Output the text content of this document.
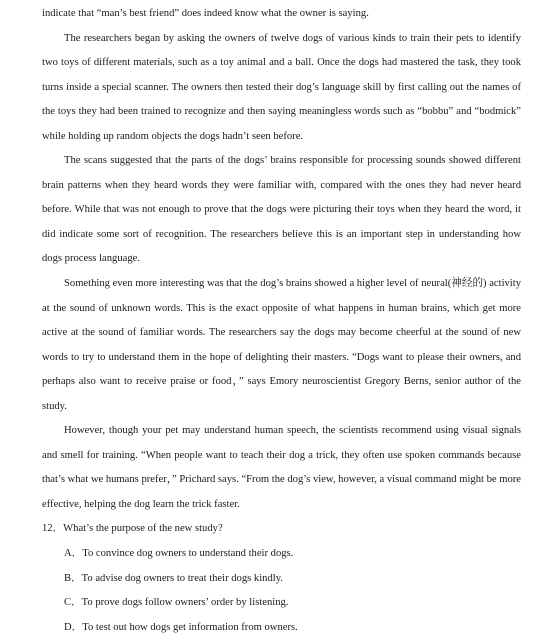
indicate that “man’s best friend” does indeed know what the owner is saying.

The researchers began by asking the owners of twelve dogs of various kinds to train their pets to identify two toys of different materials, such as a toy animal and a ball. Once the dogs had mastered the task, they took turns inside a special scanner. The owners then tested their dog’s language skill by first calling out the names of the toys they had been trained to recognize and then saying meaningless words such as “bobbu” and “bodmick” while holding up random objects the dogs hadn’t seen before.

The scans suggested that the parts of the dogs’ brains responsible for processing sounds showed different brain patterns when they heard words they were familiar with, compared with the ones they had never heard before. While that was not enough to prove that the dogs were picturing their toys when they heard the word, it did indicate some sort of recognition. The researchers believe this is an important step in understanding how dogs process language.

Something even more interesting was that the dog’s brains showed a higher level of neural(神经的) activity at the sound of unknown words. This is the exact opposite of what happens in human brains, which get more active at the sound of familiar words. The researchers say the dogs may become cheerful at the sound of new words to try to understand them in the hope of delighting their masters. “Dogs want to please their owners, and perhaps also want to receive praise or food，” says Emory neuroscientist Gregory Berns, senior author of the study.

However, though your pet may understand human speech, the scientists recommend using visual signals and smell for training. “When people want to teach their dog a trick, they often use spoken commands because that’s what we humans prefer，” Prichard says. “From the dog’s view, however, a visual command might be more effective, helping the dog learn the trick faster.

12．What’s the purpose of the new study?

A．To convince dog owners to understand their dogs.

B．To advise dog owners to treat their dogs kindly.

C．To prove dogs follow owners’ order by listening.

D．To test out how dogs get information from owners.
